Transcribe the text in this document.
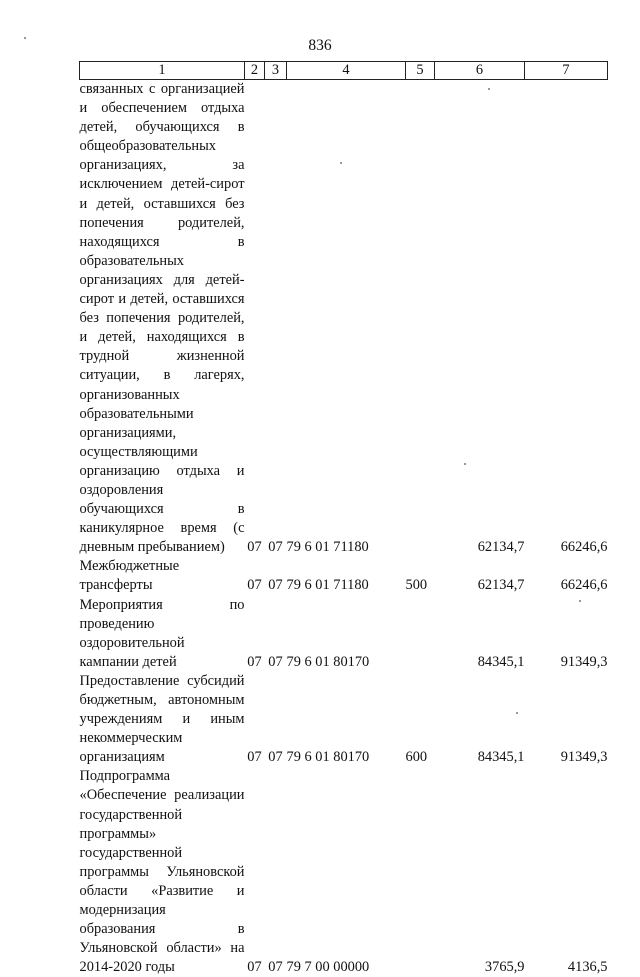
836
1	2	3	4	5	6	7
связанных с организацией и обеспечением отдыха детей, обучающихся в общеобразовательных организациях, за исключением детей-сирот и детей, оставшихся без попечения родителей, находящихся в образовательных организациях для детей-сирот и детей, оставшихся без попечения родителей, и детей, находящихся в трудной жизненной ситуации, в лагерях, организованных образовательными организациями, осуществляющими организацию отдыха и оздоровления обучающихся в каникулярное время (с дневным пребыванием)	07	07	79 6 01 71180		62134,7	66246,6
Межбюджетные трансферты	07	07	79 6 01 71180	500	62134,7	66246,6
Мероприятия по проведению оздоровительной кампании детей	07	07	79 6 01 80170		84345,1	91349,3
Предоставление субсидий бюджетным, автономным учреждениям и иным некоммерческим организациям	07	07	79 6 01 80170	600	84345,1	91349,3
Подпрограмма «Обеспечение реализации государственной программы» государственной программы Ульяновской области «Развитие и модернизация образования в Ульяновской области» на 2014-2020 годы	07	07	79 7 00 00000		3765,9	4136,5
